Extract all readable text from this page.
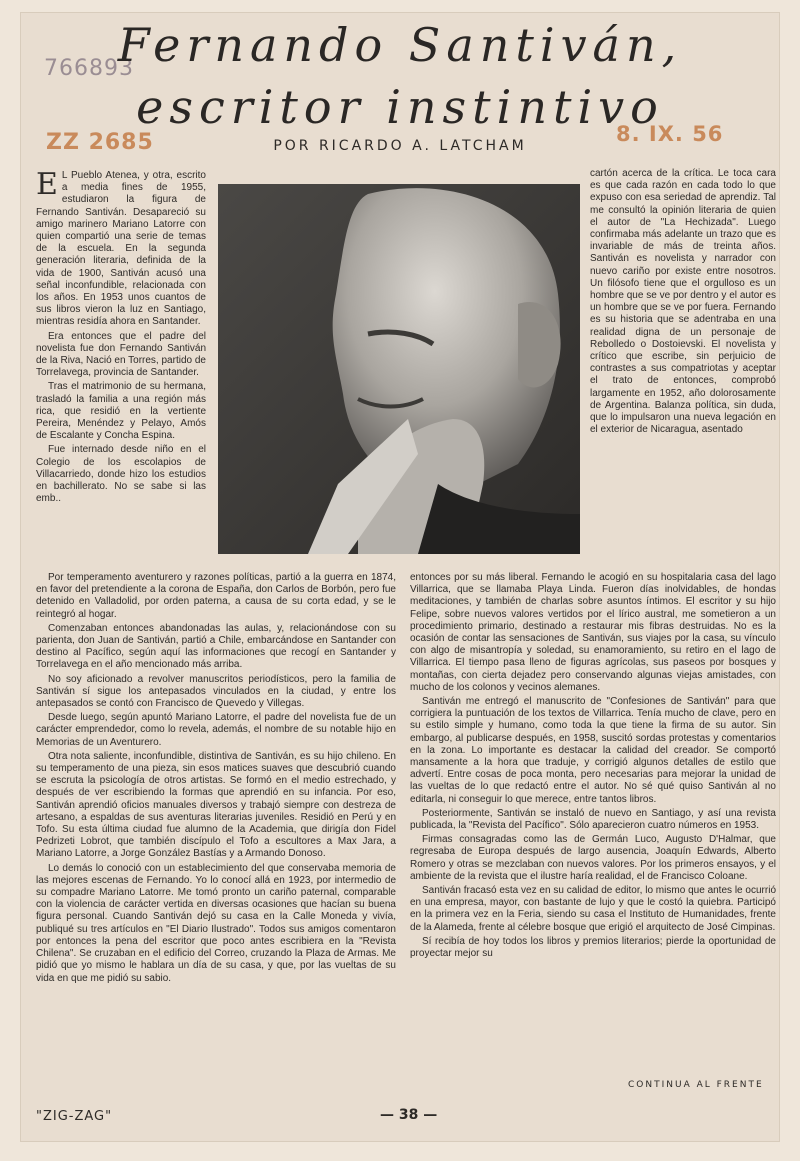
766893
ZZ 2685	8. IX. 56
Fernando Santiván,
escritor instintivo
POR RICARDO A. LATCHAM

E L Pueblo Atenea, y otra, escrito a media fines de 1955, estudiaron la figura de Fernando Santiván. Desapareció su amigo marinero Mariano Latorre con quien compartió una serie de temas de la escuela. En la segunda generación literaria, definida de la vida de 1900, Santiván acusó una señal inconfundible, relacionada con los años. En 1953 unos cuantos de sus libros vieron la luz en Santiago, mientras residía ahora en Santander.

Era entonces que el padre del novelista fue don Fernando Santiván de la Riva, Nació en Torres, partido de Torrelavega, provincia de Santander.

Tras el matrimonio de su hermana, trasladó la familia a una región más rica, que residió en la vertiente Pereira, Menéndez y Pelayo, Amós de Escalante y Concha Espina.

Fue internado desde niño en el Colegio de los escolapios de Villacarriedo, donde hizo los estudios en bachillerato. No se sabe si las emb..

cartón acerca de la crítica. Le toca cara es que cada razón en cada todo lo que expuso con esa seriedad de aprendiz. Tal me consultó la opinión literaria de quien el autor de "La Hechizada". Luego confirmaba más adelante un trazo que es invariable de más de treinta años. Santiván es novelista y narrador con nuevo cariño por existe entre nosotros. Un filósofo tiene que el orgulloso es un hombre que se ve por dentro y el autor es un hombre que se ve por fuera. Fernando es su historia que se adentraba en una realidad digna de un personaje de Rebolledo o Dostoievski. El novelista y crítico que escribe, sin perjuicio de contrastes a sus compatriotas y aceptar el trato de entonces, comprobó largamente en 1952, año dolorosamente de Argentina. Balanza política, sin duda, que lo impulsaron una nueva legación en el exterior de Nicaragua, asentado

Por temperamento aventurero y razones políticas, partió a la guerra en 1874, en favor del pretendiente a la corona de España, don Carlos de Borbón, pero fue detenido en Valladolid, por orden paterna, a causa de su corta edad, y se le reintegró al hogar.

Comenzaban entonces abandonadas las aulas, y, relacionándose con su parienta, don Juan de Santiván, partió a Chile, embarcándose en Santander con destino al Pacífico, según aquí las informaciones que recogí en Santander y Torrelavega en el año mencionado más arriba.

No soy aficionado a revolver manuscritos periodísticos, pero la familia de Santiván sí sigue los antepasados vinculados en la ciudad, y entre los antepasados se contó con Francisco de Quevedo y Villegas.

Desde luego, según apuntó Mariano Latorre, el padre del novelista fue de un carácter emprendedor, como lo revela, además, el nombre de su notable hijo en Memorias de un Aventurero.

Otra nota saliente, inconfundible, distintiva de Santiván, es su hijo chileno. En su temperamento de una pieza, sin esos matices suaves que descubrió cuando se escruta la psicología de otros artistas. Se formó en el medio estrechado, y después de ver escribiendo la formas que aprendió en su infancia. Por eso, Santiván aprendió oficios manuales diversos y trabajó siempre con destreza de artesano, a espaldas de sus aventuras literarias juveniles. Residió en Perú y en Tofo. Su esta última ciudad fue alumno de la Academia, que dirigía don Fidel Pedrizeti Lobrot, que también discípulo el Tofo a escultores a Max Jara, a Mariano Latorre, a Jorge González Bastías y a Armando Donoso.

Lo demás lo conoció con un establecimiento del que conservaba memoria de las mejores escenas de Fernando. Yo lo conocí allá en 1923, por intermedio de su compadre Mariano Latorre. Me tomó pronto un cariño paternal, comparable con la violencia de carácter vertida en diversas ocasiones que hacían su buena figura personal. Cuando Santiván dejó su casa en la Calle Moneda y vivía, publiqué su tres artículos en "El Diario Ilustrado". Todos sus amigos comentaron por entonces la pena del escritor que poco antes escribiera en la "Revista Chilena". Se cruzaban en el edificio del Correo, cruzando la Plaza de Armas. Me pidió que yo mismo le hablara un día de su casa, y que, por las vueltas de su vida en que me pidió su sabio.

entonces por su más liberal. Fernando le acogió en su hospitalaria casa del lago Villarrica, que se llamaba Playa Linda. Fueron días inolvidables, de hondas meditaciones, y también de charlas sobre asuntos íntimos. El escritor y su hijo Felipe, sobre nuevos valores vertidos por el lírico austral, me sometieron a un procedimiento primario, destinado a restaurar mis fibras destruidas. No es la ocasión de contar las sensaciones de Santiván, sus viajes por la casa, su vínculo con algo de misantropía y soledad, su enamoramiento, su retiro en el lago de Villarrica. El tiempo pasa lleno de figuras agrícolas, sus paseos por bosques y montañas, con cierta dejadez pero conservando algunas viejas amistades, con mucho de los colonos y vecinos alemanes.

Santiván me entregó el manuscrito de "Confesiones de Santiván" para que corrigiera la puntuación de los textos de Villarrica. Tenía mucho de clave, pero en su estilo simple y humano, como toda la que tiene la firma de su autor. Sin embargo, al publicarse después, en 1958, suscitó sordas protestas y comentarios en la zona. Lo importante es destacar la calidad del creador. Se comportó mansamente a la hora que traduje, y corrigió algunos detalles de estilo que advertí. Entre cosas de poca monta, pero necesarias para mejorar la unidad de las vueltas de lo que redactó entre el autor. No sé qué quiso Santiván al no editarla, ni conseguir lo que merece, entre tantos libros.

Posteriormente, Santiván se instaló de nuevo en Santiago, y así una revista publicada, la "Revista del Pacífico". Sólo aparecieron cuatro números en 1953.

Firmas consagradas como las de Germán Luco, Augusto D'Halmar, que regresaba de Europa después de largo ausencia, Joaquín Edwards, Alberto Romero y otras se mezclaban con nuevos valores. Por los primeros ensayos, y el ambiente de la revista que el ilustre haría realidad, el de Francisco Coloane.

Santiván fracasó esta vez en su calidad de editor, lo mismo que antes le ocurrió en una empresa, mayor, con bastante de lujo y que le costó la quiebra. Participó en la primera vez en la Feria, siendo su casa el Instituto de Humanidades, frente de la Alameda, frente al célebre bosque que erigió el arquitecto de José Cimpinas.

Sí recibía de hoy todos los libros y premios literarios; pierde la oportunidad de proyectar mejor su

CONTINUA AL FRENTE
"ZIG-ZAG"	— 38 —
